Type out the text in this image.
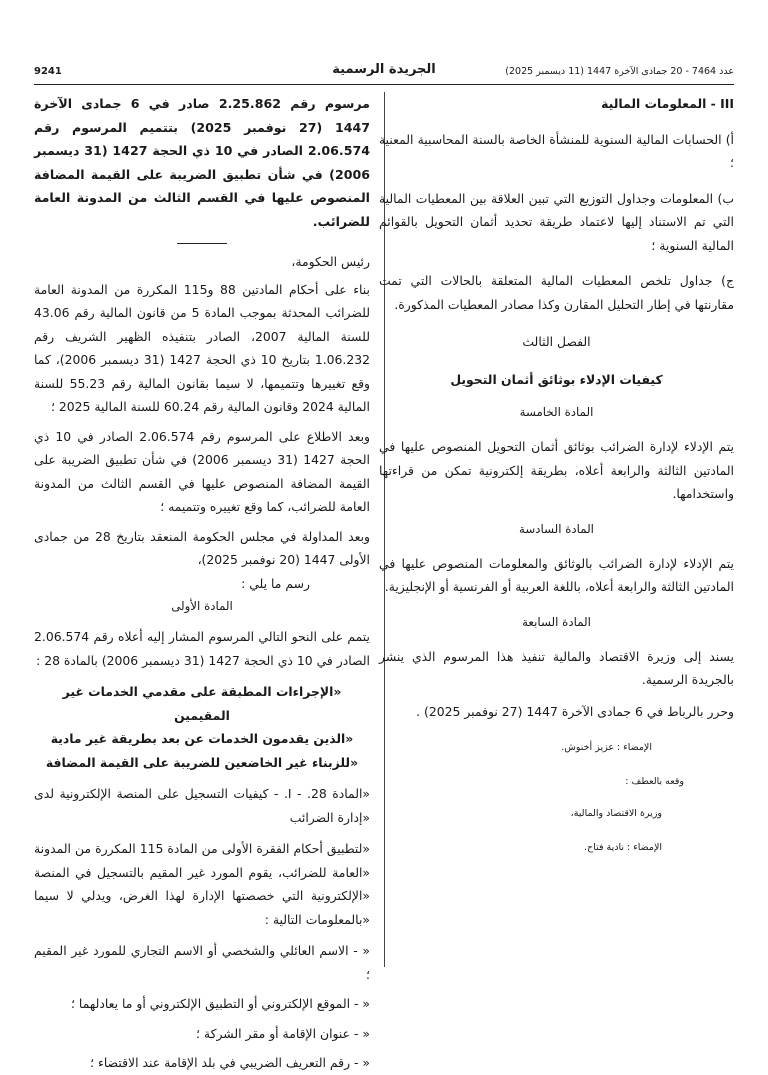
9241	الجريدة الرسمية	عدد 7464 - 20 جمادى الآخرة 1447 (11 ديسمبر 2025)

III - المعلومات المالية

أ) الحسابات المالية السنوية للمنشأة الخاصة بالسنة المحاسبية المعنية ؛

ب) المعلومات وجداول التوزيع التي تبين العلاقة بين المعطيات المالية التي تم الاستناد إليها لاعتماد طريقة تحديد أثمان التحويل بالقوائم المالية السنوية ؛

ج) جداول تلخص المعطيات المالية المتعلقة بالحالات التي تمت مقارنتها في إطار التحليل المقارن وكذا مصادر المعطيات المذكورة.

الفصل الثالث

كيفيات الإدلاء بوثائق أثمان التحويل

المادة الخامسة

يتم الإدلاء لإدارة الضرائب بوثائق أثمان التحويل المنصوص عليها في المادتين الثالثة والرابعة أعلاه، بطريقة إلكترونية تمكن من قراءتها واستخدامها.

المادة السادسة

يتم الإدلاء لإدارة الضرائب بالوثائق والمعلومات المنصوص عليها في المادتين الثالثة والرابعة أعلاه، باللغة العربية أو الفرنسية أو الإنجليزية.

المادة السابعة

يسند إلى وزيرة الاقتصاد والمالية تنفيذ هذا المرسوم الذي ينشر بالجريدة الرسمية.

وحرر بالرباط في 6 جمادى الآخرة 1447 (27 نوفمبر 2025) .

الإمضاء : عزيز أخنوش.

وقعه بالعطف :

وزيرة الاقتصاد والمالية،

الإمضاء : نادية فتاح.

مرسوم رقم 2.25.862 صادر في 6 جمادى الآخرة 1447 (27 نوفمبر 2025) بتتميم المرسوم رقم 2.06.574 الصادر في 10 ذي الحجة 1427 (31 ديسمبر 2006) في شأن تطبيق الضريبة على القيمة المضافة المنصوص عليها في القسم الثالث من المدونة العامة للضرائب.

رئيس الحكومة،

بناء على أحكام المادتين 88 و115 المكررة من المدونة العامة للضرائب المحدثة بموجب المادة 5 من قانون المالية رقم 43.06 للسنة المالية 2007، الصادر بتنفيذه الظهير الشريف رقم 1.06.232 بتاريخ 10 ذي الحجة 1427 (31 ديسمبر 2006)، كما وقع تغييرها وتتميمها، لا سيما بقانون المالية رقم 55.23 للسنة المالية 2024 وقانون المالية رقم 60.24 للسنة المالية 2025 ؛

وبعد الاطلاع على المرسوم رقم 2.06.574 الصادر في 10 ذي الحجة 1427 (31 ديسمبر 2006) في شأن تطبيق الضريبة على القيمة المضافة المنصوص عليها في القسم الثالث من المدونة العامة للضرائب، كما وقع تغييره وتتميمه ؛

وبعد المداولة في مجلس الحكومة المنعقد بتاريخ 28 من جمادى الأولى 1447 (20 نوفمبر 2025)،

رسم ما يلي :

المادة الأولى

يتمم على النحو التالي المرسوم المشار إليه أعلاه رقم 2.06.574 الصادر في 10 ذي الحجة 1427 (31 ديسمبر 2006) بالمادة 28 :

«الإجراءات المطبقة على مقدمي الخدمات غير المقيمين

«الذين يقدمون الخدمات عن بعد بطريقة غير مادية

«للزبناء غير الخاضعين للضريبة على القيمة المضافة

«المادة 28. - I. - كيفيات التسجيل على المنصة الإلكترونية لدى «إدارة الضرائب

«لتطبيق أحكام الفقرة الأولى من المادة 115 المكررة من المدونة «العامة للضرائب، يقوم المورد غير المقيم بالتسجيل في المنصة «الإلكترونية التي خصصتها الإدارة لهذا الغرض، ويدلي لا سيما «بالمعلومات التالية :

« - الاسم العائلي والشخصي أو الاسم التجاري للمورد غير المقيم ؛

« - الموقع الإلكتروني أو التطبيق الإلكتروني أو ما يعادلهما ؛

« - عنوان الإقامة أو مقر الشركة ؛

« - رقم التعريف الضريبي في بلد الإقامة عند الاقتضاء ؛
